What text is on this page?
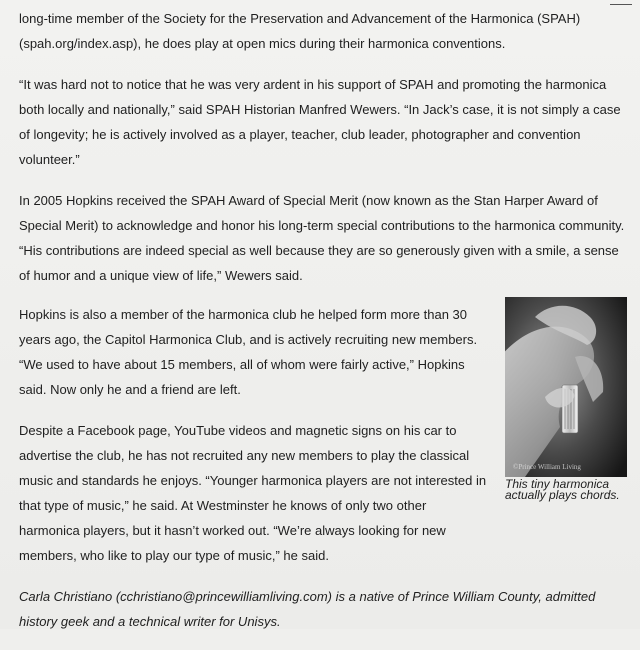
long-time member of the Society for the Preservation and Advancement of the Harmonica (SPAH) (spah.org/index.asp), he does play at open mics during their harmonica conventions.

“It was hard not to notice that he was very ardent in his support of SPAH and promoting the harmonica both locally and nationally,” said SPAH Historian Manfred Wewers. “In Jack’s case, it is not simply a case of longevity; he is actively involved as a player, teacher, club leader, photographer and convention volunteer.”

In 2005 Hopkins received the SPAH Award of Special Merit (now known as the Stan Harper Award of Special Merit) to acknowledge and honor his long-term special contributions to the harmonica community. “His contributions are indeed special as well because they are so generously given with a smile, a sense of humor and a unique view of life,” Wewers said.

Hopkins is also a member of the harmonica club he helped form more than 30 years ago, the Capitol Harmonica Club, and is actively recruiting new members. “We used to have about 15 members, all of whom were fairly active,” Hopkins said. Now only he and a friend are left.

Despite a Facebook page, YouTube videos and magnetic signs on his car to advertise the club, he has not recruited any new members to play the classical music and standards he enjoys. “Younger harmonica players are not interested in that type of music,” he said. At Westminster he knows of only two other harmonica players, but it hasn’t worked out. “We’re always looking for new members, who like to play our type of music,” he said.

Carla Christiano (cchristiano@princewilliamliving.com) is a native of Prince William County, admitted history geek and a technical writer for Unisys.

©Prince William Living
This tiny harmonica actually plays chords.
